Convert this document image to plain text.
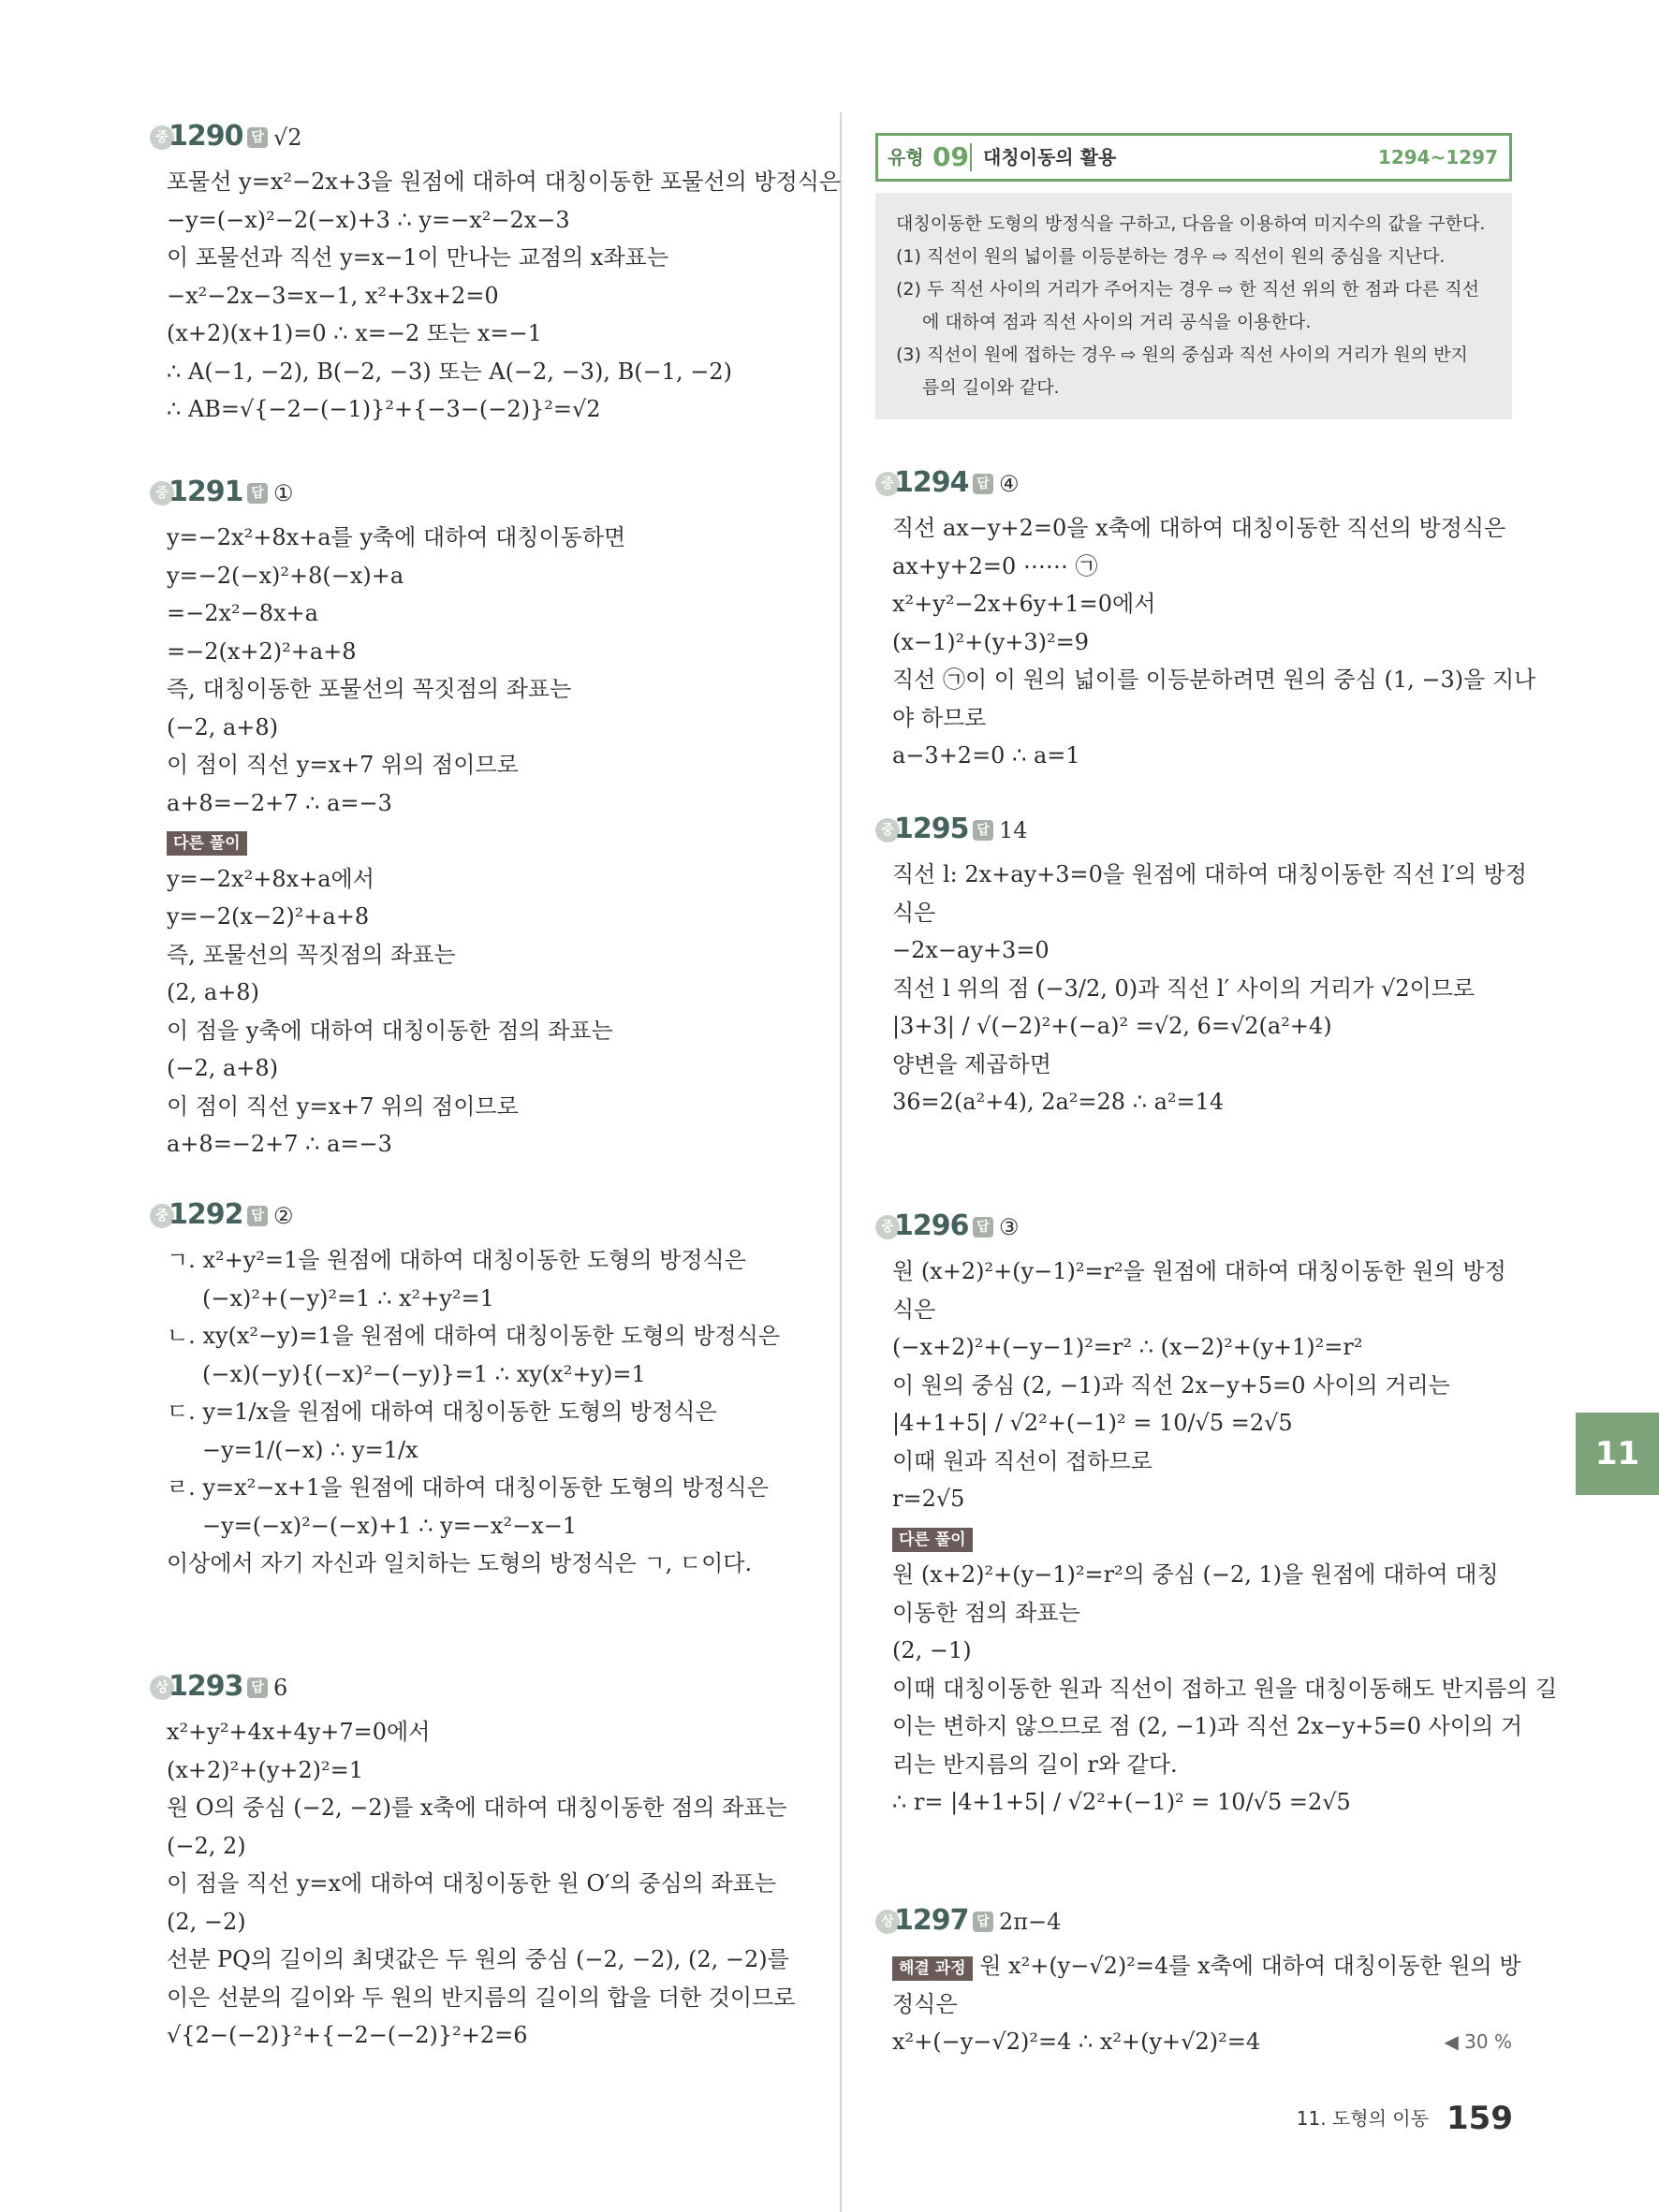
중 1290 답 √2
포물선 y=x²−2x+3을 원점에 대하여 대칭이동한 포물선의 방정식은
−y=(−x)²−2(−x)+3 ∴ y=−x²−2x−3
이 포물선과 직선 y=x−1이 만나는 교점의 x좌표는
−x²−2x−3=x−1, x²+3x+2=0
(x+2)(x+1)=0 ∴ x=−2 또는 x=−1
∴ A(−1, −2), B(−2, −3) 또는 A(−2, −3), B(−1, −2)
∴ AB=√{−2−(−1)}²+{−3−(−2)}²=√2
중 1291 답 ①
y=−2x²+8x+a를 y축에 대하여 대칭이동하면
y=−2(−x)²+8(−x)+a
=−2x²−8x+a
=−2(x+2)²+a+8
즉, 대칭이동한 포물선의 꼭짓점의 좌표는
(−2, a+8)
이 점이 직선 y=x+7 위의 점이므로
a+8=−2+7 ∴ a=−3
다른 풀이
y=−2x²+8x+a에서
y=−2(x−2)²+a+8
즉, 포물선의 꼭짓점의 좌표는
(2, a+8)
이 점을 y축에 대하여 대칭이동한 점의 좌표는
(−2, a+8)
이 점이 직선 y=x+7 위의 점이므로
a+8=−2+7 ∴ a=−3
중 1292 답 ②
ㄱ. x²+y²=1을 원점에 대하여 대칭이동한 도형의 방정식은
(−x)²+(−y)²=1 ∴ x²+y²=1
ㄴ. xy(x²−y)=1을 원점에 대하여 대칭이동한 도형의 방정식은
(−x)(−y){(−x)²−(−y)}=1 ∴ xy(x²+y)=1
ㄷ. y=1/x을 원점에 대하여 대칭이동한 도형의 방정식은
−y=1/(−x) ∴ y=1/x
ㄹ. y=x²−x+1을 원점에 대하여 대칭이동한 도형의 방정식은
−y=(−x)²−(−x)+1 ∴ y=−x²−x−1
이상에서 자기 자신과 일치하는 도형의 방정식은 ㄱ, ㄷ이다.
상 1293 답 6
x²+y²+4x+4y+7=0에서
(x+2)²+(y+2)²=1
원 O의 중심 (−2, −2)를 x축에 대하여 대칭이동한 점의 좌표는
(−2, 2)
이 점을 직선 y=x에 대하여 대칭이동한 원 O′의 중심의 좌표는
(2, −2)
선분 PQ의 길이의 최댓값은 두 원의 중심 (−2, −2), (2, −2)를
이은 선분의 길이와 두 원의 반지름의 길이의 합을 더한 것이므로
√{2−(−2)}²+{−2−(−2)}²+2=6
유형 09 대칭이동의 활용	1294~1297
대칭이동한 도형의 방정식을 구하고, 다음을 이용하여 미지수의 값을 구한다.
(1) 직선이 원의 넓이를 이등분하는 경우 ⇨ 직선이 원의 중심을 지난다.
(2) 두 직선 사이의 거리가 주어지는 경우 ⇨ 한 직선 위의 한 점과 다른 직선
에 대하여 점과 직선 사이의 거리 공식을 이용한다.
(3) 직선이 원에 접하는 경우 ⇨ 원의 중심과 직선 사이의 거리가 원의 반지
름의 길이와 같다.
중 1294 답 ④
직선 ax−y+2=0을 x축에 대하여 대칭이동한 직선의 방정식은
ax+y+2=0 ⋯⋯ ㉠
x²+y²−2x+6y+1=0에서
(x−1)²+(y+3)²=9
직선 ㉠이 이 원의 넓이를 이등분하려면 원의 중심 (1, −3)을 지나
야 하므로
a−3+2=0 ∴ a=1
중 1295 답 14
직선 l: 2x+ay+3=0을 원점에 대하여 대칭이동한 직선 l′의 방정
식은
−2x−ay+3=0
직선 l 위의 점 (−3/2, 0)과 직선 l′ 사이의 거리가 √2이므로
|3+3| / √(−2)²+(−a)² =√2, 6=√2(a²+4)
양변을 제곱하면
36=2(a²+4), 2a²=28 ∴ a²=14
중 1296 답 ③
원 (x+2)²+(y−1)²=r²을 원점에 대하여 대칭이동한 원의 방정
식은
(−x+2)²+(−y−1)²=r² ∴ (x−2)²+(y+1)²=r²
이 원의 중심 (2, −1)과 직선 2x−y+5=0 사이의 거리는
|4+1+5| / √2²+(−1)² = 10/√5 =2√5
이때 원과 직선이 접하므로
r=2√5
다른 풀이
원 (x+2)²+(y−1)²=r²의 중심 (−2, 1)을 원점에 대하여 대칭
이동한 점의 좌표는
(2, −1)
이때 대칭이동한 원과 직선이 접하고 원을 대칭이동해도 반지름의 길
이는 변하지 않으므로 점 (2, −1)과 직선 2x−y+5=0 사이의 거
리는 반지름의 길이 r와 같다.
∴ r= |4+1+5| / √2²+(−1)² = 10/√5 =2√5
상 1297 답 2π−4
해결 과정 원 x²+(y−√2)²=4를 x축에 대하여 대칭이동한 원의 방
정식은
x²+(−y−√2)²=4 ∴ x²+(y+√2)²=4	◀ 30 %
11
11. 도형의 이동 159
